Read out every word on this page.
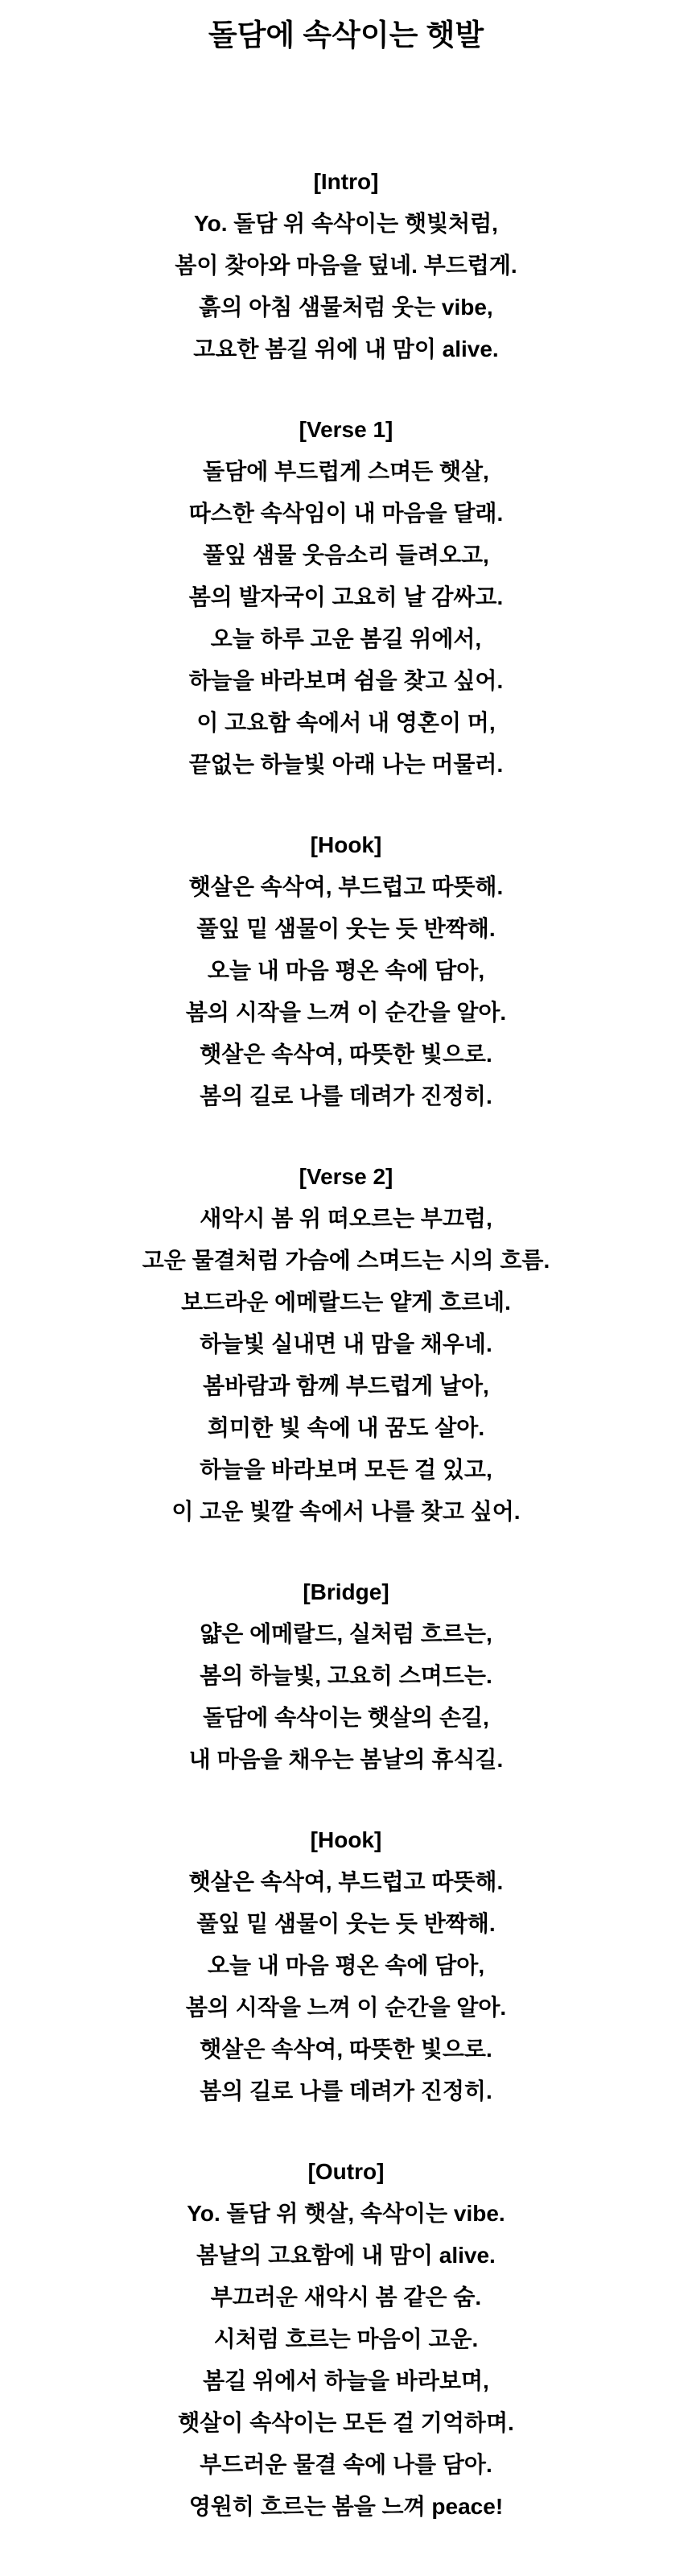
돌담에 속삭이는 햇발
[Intro]
Yo. 돌담 위 속삭이는 햇빛처럼,
봄이 찾아와 마음을 덮네. 부드럽게.
흙의 아침 샘물처럼 웃는 vibe,
고요한 봄길 위에 내 맘이 alive.
[Verse 1]
돌담에 부드럽게 스며든 햇살,
따스한 속삭임이 내 마음을 달래.
풀잎 샘물 웃음소리 들려오고,
봄의 발자국이 고요히 날 감싸고.
오늘 하루 고운 봄길 위에서,
하늘을 바라보며 쉼을 찾고 싶어.
이 고요함 속에서 내 영혼이 머,
끝없는 하늘빛 아래 나는 머물러.
[Hook]
햇살은 속삭여, 부드럽고 따뜻해.
풀잎 밑 샘물이 웃는 듯 반짝해.
오늘 내 마음 평온 속에 담아,
봄의 시작을 느껴 이 순간을 알아.
햇살은 속삭여, 따뜻한 빛으로.
봄의 길로 나를 데려가 진정히.
[Verse 2]
새악시 봄 위 떠오르는 부끄럼,
고운 물결처럼 가슴에 스며드는 시의 흐름.
보드라운 에메랄드는 얕게 흐르네.
하늘빛 실내면 내 맘을 채우네.
봄바람과 함께 부드럽게 날아,
희미한 빛 속에 내 꿈도 살아.
하늘을 바라보며 모든 걸 있고,
이 고운 빛깔 속에서 나를 찾고 싶어.
[Bridge]
얇은 에메랄드, 실처럼 흐르는,
봄의 하늘빛, 고요히 스며드는.
돌담에 속삭이는 햇살의 손길,
내 마음을 채우는 봄날의 휴식길.
[Hook]
햇살은 속삭여, 부드럽고 따뜻해.
풀잎 밑 샘물이 웃는 듯 반짝해.
오늘 내 마음 평온 속에 담아,
봄의 시작을 느껴 이 순간을 알아.
햇살은 속삭여, 따뜻한 빛으로.
봄의 길로 나를 데려가 진정히.
[Outro]
Yo. 돌담 위 햇살, 속삭이는 vibe.
봄날의 고요함에 내 맘이 alive.
부끄러운 새악시 봄 같은 숨.
시처럼 흐르는 마음이 고운.
봄길 위에서 하늘을 바라보며,
햇살이 속삭이는 모든 걸 기억하며.
부드러운 물결 속에 나를 담아.
영원히 흐르는 봄을 느껴 peace!
